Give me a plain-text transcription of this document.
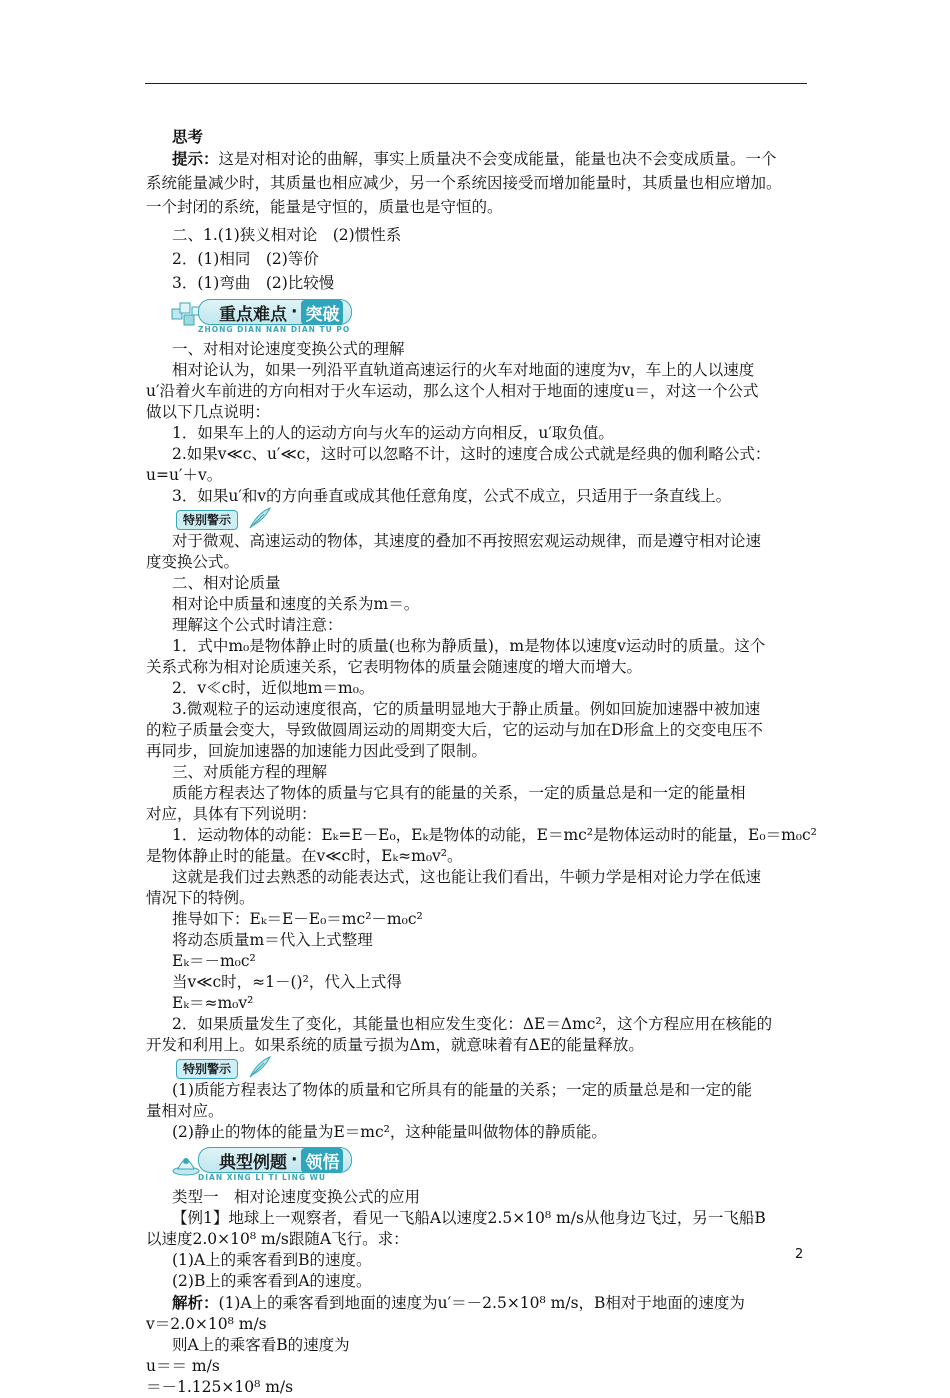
思考
提示：这是对相对论的曲解，事实上质量决不会变成能量，能量也决不会变成质量。一个
系统能量减少时，其质量也相应减少，另一个系统因接受而增加能量时，其质量也相应增加。
一个封闭的系统，能量是守恒的，质量也是守恒的。
二、1.(1)狭义相对论　(2)惯性系
2．(1)相同　(2)等价
3．(1)弯曲　(2)比较慢
重点难点 · 突破
ZHONG DIAN NAN DIAN TU PO
一、对相对论速度变换公式的理解
相对论认为，如果一列沿平直轨道高速运行的火车对地面的速度为v，车上的人以速度
u′沿着火车前进的方向相对于火车运动，那么这个人相对于地面的速度u＝，对这一个公式
做以下几点说明：
1．如果车上的人的运动方向与火车的运动方向相反，u′取负值。
2.如果v≪c、u′≪c，这时可以忽略不计，这时的速度合成公式就是经典的伽利略公式：
u=u′＋v。
3．如果u′和v的方向垂直或成其他任意角度，公式不成立，只适用于一条直线上。
特别警示
对于微观、高速运动的物体，其速度的叠加不再按照宏观运动规律，而是遵守相对论速
度变换公式。
二、相对论质量
相对论中质量和速度的关系为m＝。
理解这个公式时请注意：
1．式中m₀是物体静止时的质量(也称为静质量)，m是物体以速度v运动时的质量。这个
关系式称为相对论质速关系，它表明物体的质量会随速度的增大而增大。
2．v≪c时，近似地m＝m₀。
3.微观粒子的运动速度很高，它的质量明显地大于静止质量。例如回旋加速器中被加速
的粒子质量会变大，导致做圆周运动的周期变大后，它的运动与加在D形盒上的交变电压不
再同步，回旋加速器的加速能力因此受到了限制。
三、对质能方程的理解
质能方程表达了物体的质量与它具有的能量的关系，一定的质量总是和一定的能量相
对应，具体有下列说明：
1．运动物体的动能：Eₖ=E－E₀，Eₖ是物体的动能，E＝mc²是物体运动时的能量，E₀＝m₀c²
是物体静止时的能量。在v≪c时，Eₖ≈m₀v²。
这就是我们过去熟悉的动能表达式，这也能让我们看出，牛顿力学是相对论力学在低速
情况下的特例。
推导如下：Eₖ＝E－E₀＝mc²－m₀c²
将动态质量m＝代入上式整理
Eₖ＝－m₀c²
当v≪c时，≈1－()²，代入上式得
Eₖ＝≈m₀v²
2．如果质量发生了变化，其能量也相应发生变化：ΔE＝Δmc²，这个方程应用在核能的
开发和利用上。如果系统的质量亏损为Δm，就意味着有ΔE的能量释放。
特别警示
(1)质能方程表达了物体的质量和它所具有的能量的关系；一定的质量总是和一定的能
量相对应。
(2)静止的物体的能量为E＝mc²，这种能量叫做物体的静质能。
典型例题 · 领悟
DIAN XING LI TI LING WU
类型一　相对论速度变换公式的应用
【例1】地球上一观察者，看见一飞船A以速度2.5×10⁸ m/s从他身边飞过，另一飞船B
以速度2.0×10⁸ m/s跟随A飞行。求：
(1)A上的乘客看到B的速度。
(2)B上的乘客看到A的速度。
解析：(1)A上的乘客看到地面的速度为u′＝－2.5×10⁸ m/s，B相对于地面的速度为
v＝2.0×10⁸ m/s
则A上的乘客看B的速度为
u＝＝ m/s
＝－1.125×10⁸ m/s
2
